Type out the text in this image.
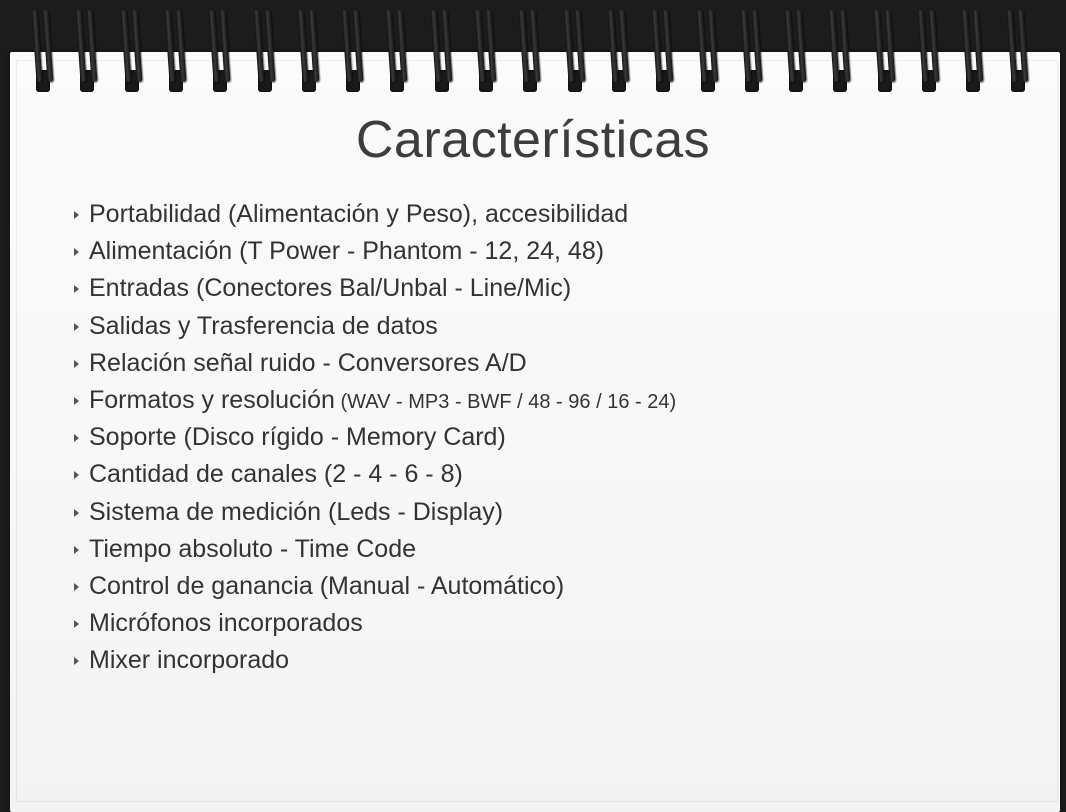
Características
Portabilidad (Alimentación y Peso), accesibilidad
Alimentación (T Power - Phantom - 12, 24, 48)
Entradas (Conectores Bal/Unbal - Line/Mic)
Salidas y Trasferencia de datos
Relación señal ruido - Conversores A/D
Formatos y resolución (WAV - MP3 - BWF / 48 - 96 / 16 - 24)
Soporte (Disco rígido - Memory Card)
Cantidad de canales (2 - 4 - 6 - 8)
Sistema de medición (Leds - Display)
Tiempo absoluto - Time Code
Control de ganancia (Manual - Automático)
Micrófonos incorporados
Mixer incorporado
